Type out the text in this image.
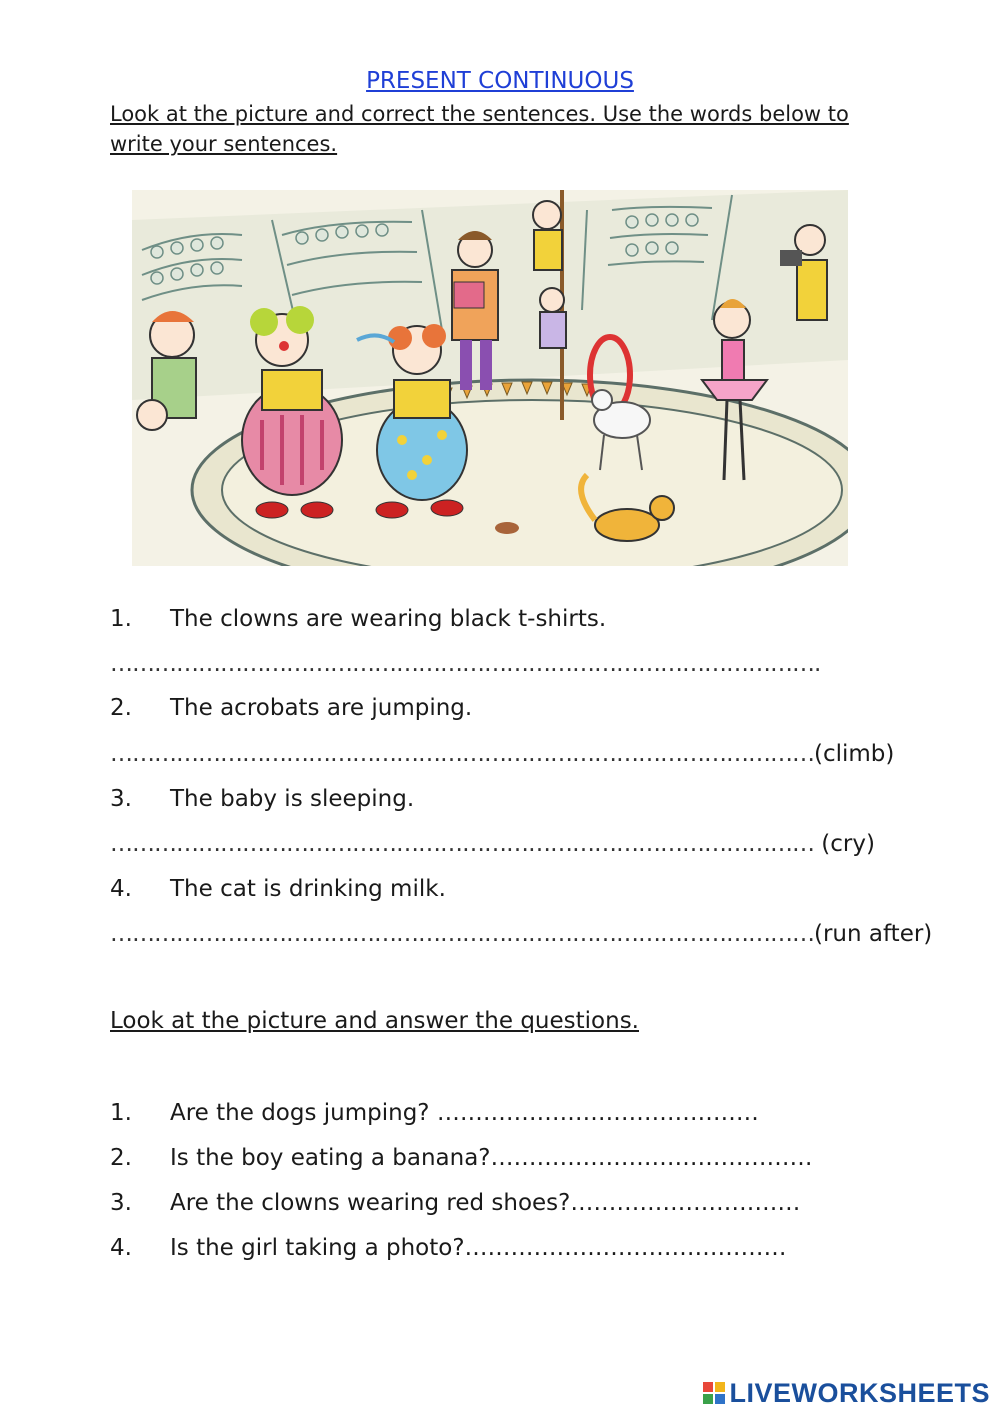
PRESENT CONTINUOUS
Look at the picture and correct the sentences. Use the words below to write your sentences.
1. The clowns are wearing black t-shirts.
…………………………………………………………………………………….
2. The acrobats are jumping.
……………………………………………………………………………………(climb)
3. The baby is sleeping.
…………………………………………………………………………………… (cry)
4. The cat is drinking milk.
……………………………………………………………………………………(run after)
Look at the picture and answer the questions.
1. Are the dogs jumping? ……………………………………
2. Is the boy eating a banana?……………………………………
3. Are the clowns wearing red shoes?…………………………
4. Is the girl taking a photo?……………………………………
LIVEWORKSHEETS
